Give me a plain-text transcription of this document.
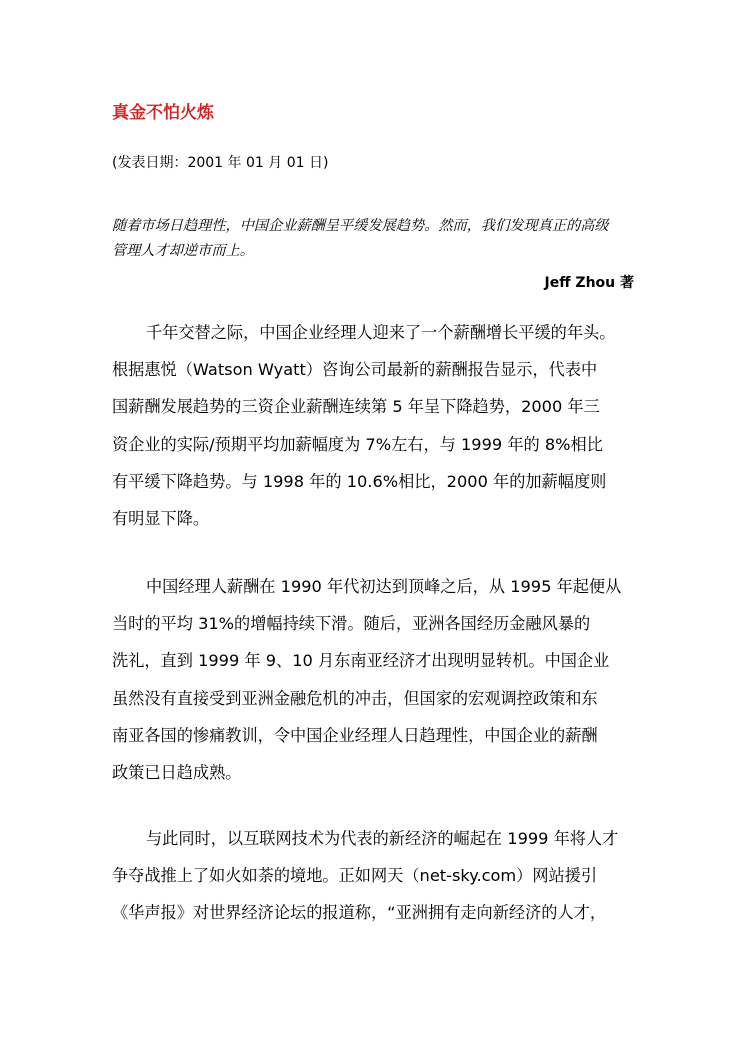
真金不怕火炼
(发表日期：2001 年 01 月 01 日)
随着市场日趋理性，中国企业薪酬呈平缓发展趋势。然而，我们发现真正的高级
管理人才却逆市而上。
Jeff Zhou 著
千年交替之际，中国企业经理人迎来了一个薪酬增长平缓的年头。
根据惠悦（Watson Wyatt）咨询公司最新的薪酬报告显示，代表中
国薪酬发展趋势的三资企业薪酬连续第 5 年呈下降趋势，2000 年三
资企业的实际/预期平均加薪幅度为 7%左右，与 1999 年的 8%相比
有平缓下降趋势。与 1998 年的 10.6%相比，2000 年的加薪幅度则
有明显下降。
中国经理人薪酬在 1990 年代初达到顶峰之后，从 1995 年起便从
当时的平均 31%的增幅持续下滑。随后，亚洲各国经历金融风暴的
洗礼，直到 1999 年 9、10 月东南亚经济才出现明显转机。中国企业
虽然没有直接受到亚洲金融危机的冲击，但国家的宏观调控政策和东
南亚各国的惨痛教训，令中国企业经理人日趋理性，中国企业的薪酬
政策已日趋成熟。
与此同时，以互联网技术为代表的新经济的崛起在 1999 年将人才
争夺战推上了如火如荼的境地。正如网天（net-sky.com）网站援引
《华声报》对世界经济论坛的报道称，“亚洲拥有走向新经济的人才，
